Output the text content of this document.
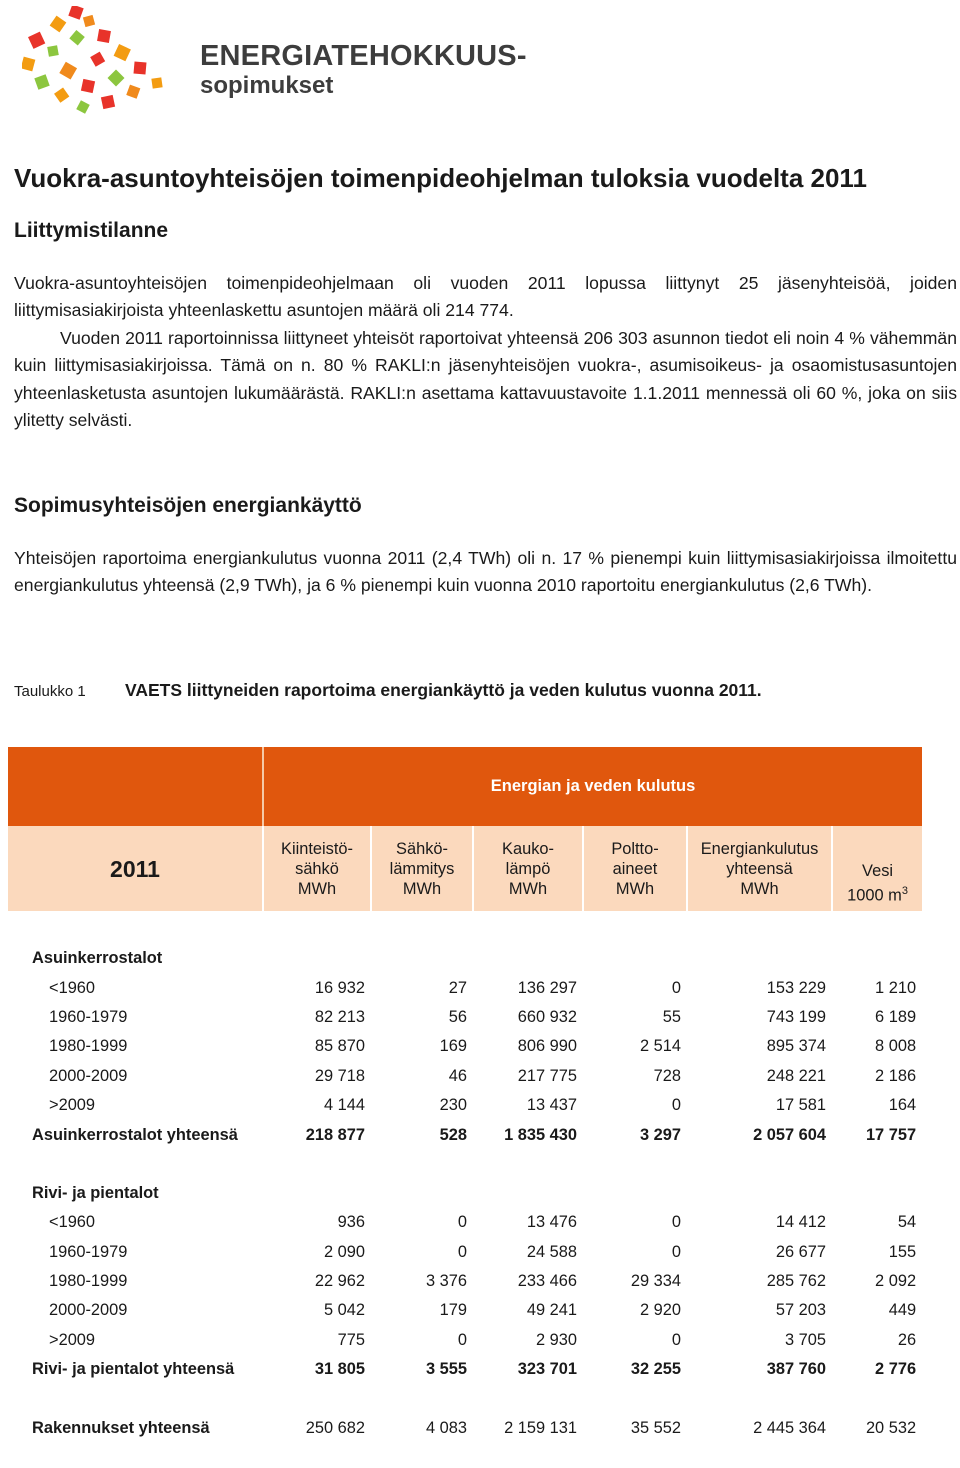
ENERGIATEHOKKUUS-
sopimukset
Vuokra-asuntoyhteisöjen toimenpideohjelman tuloksia vuodelta 2011
Liittymistilanne

Vuokra-asuntoyhteisöjen toimenpideohjelmaan oli vuoden 2011 lopussa liittynyt 25 jäsenyhteisöä, joiden liittymisasiakirjoista yhteenlaskettu asuntojen määrä oli 214 774.

Vuoden 2011 raportoinnissa liittyneet yhteisöt raportoivat yhteensä 206 303 asunnon tiedot eli noin 4 % vähemmän kuin liittymisasiakirjoissa. Tämä on n. 80 % RAKLI:n jäsenyhteisöjen vuokra-, asumisoikeus- ja osaomistusasuntojen yhteenlasketusta asuntojen lukumäärästä. RAKLI:n asettama kattavuustavoite 1.1.2011 mennessä oli 60 %, joka on siis ylitetty selvästi.

Sopimusyhteisöjen energiankäyttö

Yhteisöjen raportoima energiankulutus vuonna 2011 (2,4 TWh) oli n. 17 % pienempi kuin liittymisasiakirjoissa ilmoitettu energiankulutus yhteensä (2,9 TWh), ja 6 % pienempi kuin vuonna 2010 raportoitu energiankulutus (2,6 TWh).

Taulukko 1 VAETS liittyneiden raportoima energiankäyttö ja veden kulutus vuonna 2011.
	Energian ja veden kulutus					
2011	Kiinteistö-
sähkö
MWh	Sähkö-
lämmitys
MWh	Kauko-
lämpö
MWh	Poltto-
aineet
MWh	Energiankulutus
yhteensä
MWh	Vesi
1000 $m^3$

Asuinkerrostalot						
<1960	16 932	27	136 297	0	153 229	1 210
1960-1979	82 213	56	660 932	55	743 199	6 189
1980-1999	85 870	169	806 990	2 514	895 374	8 008
2000-2009	29 718	46	217 775	728	248 221	2 186
>2009	4 144	230	13 437	0	17 581	164
Asuinkerrostalot yhteensä	218 877	528	1 835 430	3 297	2 057 604	17 757

Rivi- ja pientalot						
<1960	936	0	13 476	0	14 412	54
1960-1979	2 090	0	24 588	0	26 677	155
1980-1999	22 962	3 376	233 466	29 334	285 762	2 092
2000-2009	5 042	179	49 241	2 920	57 203	449
>2009	775	0	2 930	0	3 705	26
Rivi- ja pientalot yhteensä	31 805	3 555	323 701	32 255	387 760	2 776

Rakennukset yhteensä	250 682	4 083	2 159 131	35 552	2 445 364	20 532
